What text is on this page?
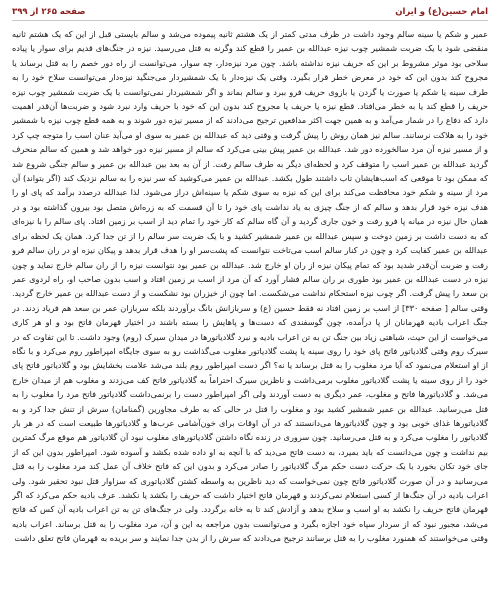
صفحه ۲۶۵ از ۳۹۹	امام حسین(ع) و ایران

عمیر و شکم یا سینه سالم وجود داشت در ظرف مدتی کمتر از یک هشتم ثانیه پیموده می‌شد و سالم بایستی قبل از این که یک هشتم ثانیه منقضی شود با یک ضربت شمشیر چوب نیزه عبدالله بن عمیر را قطع کند وگرنه به قتل می‌رسید. نیزه در جنگ‌های قدیم برای سوار یا پیاده سلاحی بود موثر مشروط بر این که حریف نیزه نداشته باشد. چون مرد نیزه‌دار، چه سوار، می‌توانست از راه دور خصم را به قتل برساند یا مجروح کند بدون این که خود در معرض خطر قرار بگیرد. وقتی یک نیزه‌دار با یک شمشیردار می‌جنگید نیزه‌دار می‌توانست سلاح خود را به طرف سینه یا شکم یا صورت یا گردن یا بازوی حریف فرو ببرد و سالم بماند و اگر شمشیردار نمی‌توانست با یک ضربت شمشیر چوب نیزه حریف را قطع کند یا به خطر می‌افتاد. قطع نیزه یا حریف یا مجروح کند بدون این که خود با حریف وارد نبرد شود و ضربت‌ها آن‌قدر اهمیت دارد که دفاع را در شمار می‌آمد و به همین جهت اکثر مدافعین ترجیح می‌دادند که از مسیر نیزه دور شوند و به همه قطع چوب نیزه با شمشیر خود را به هلاکت نرسانند. سالم نیز همان روش را پیش گرفت و وقتی دید که عبدالله بن عمیر به سوی او می‌آید عنان اسب را متوجه چپ کرد و از مسیر نیزه آن مرد سالخورده دور شد. عبدالله بن عمیر پیش بینی می‌کرد که سالم از مسیر نیزه دور خواهد شد و همین که سالم منحرف گردید عبدالله بن عمیر اسب را متوقف کرد و لحظه‌ای دیگر به طرف سالم رفت. از آن به بعد بین عبدالله بن عمیر و سالم جنگی شروع شد که ممکن بود تا موقعی که اسب‌هایشان تاب داشتند طول بکشد. عبدالله بن عمیر می‌کوشید که سر نیزه را به سالم نزدیک کند (اگر بتواند) آن مرد از سینه و شکم خود محافظت می‌کند برای این که نیزه به سوی شکم یا سینه‌اش دراز می‌شود. لذا عبدالله درصدد برآمد که پای او را هدف نیزه خود قرار بدهد و سالم که از جنگ چیزی به یاد نداشت پای خود را تا آن قسمت که به زره‌اش متصل بود بیرون گذاشته بود و در همان حال نیزه در میانه پا فرو رفت و خون جاری گردید و آن گاه سالم که کار خود را تمام دید از اسب بر زمین افتاد. پای سالم را با نیزه‌ای که به دست داشت بر زمین دوخت و سپس عبدالله بن عمیر شمشیر کشید و با یک ضربت سر سالم را از تن جدا کرد. همان یک لحظه برای عبدالله بن عمیر کفایت کرد و چون در کنار سالم اسب می‌تاخت نتوانست که پشت‌سر او را هدف قرار بدهد و پیکان نیزه او در ران سالم فرو رفت و ضربت آن‌قدر شدید بود که تمام پیکان نیزه از ران او خارج شد. عبدالله بن عمیر بود نتوانست نیزه را از ران سالم خارج نماید و چون نیزه در دست عبدالله بن عمیر بود طوری بر ران سالم فشار آورد که آن مرد از اسب بر زمین افتاد و اسب بدون صاحب او، راه لردوی عمر بن سعد را پیش گرفت. اگر چوب نیزه استحکام نداشت می‌شکست. اما چون از خیزران بود نشکست و از دست عبدالله بن عمیر خارج گردید. وقتی سالم [ صفحه ۳۳۰] از اسب بر زمین افتاد نه فقط حسین (ع) و سربازانش بانگ برآوردند بلکه سربازان عمر بن سعد هم فریاد زدند. در جنگ اعراب بادیه قهرمانان از پا درآمده، چون گوسفندی که دست‌ها و پاهایش را بسته باشند در اختیار قهرمان فاتح بود و او هر کاری می‌خواست از این حیث، شباهتی زیاد بین جنگ تن به تن اعراب بادیه و نبرد گلادیاتورها در میدان سیرک (روم) وجود داشت. تا این تفاوت که در سیرک روم وقتی گلادیاتور فاتح پای خود را روی سینه یا پشت گلادیاتور مغلوب می‌گذاشت رو به سوی جایگاه امپراطور روم می‌کرد و با نگاه از او استعلام می‌نمود که آیا مرد مغلوب را به قتل برساند یا نه؟ اگر دست امپراطور روم بلند می‌شد علامت بخشایش بود و گلادیاتور فاتح پای خود را از روی سینه یا پشت گلادیاتور مغلوب برمی‌داشت و ناظرین سیرک احتراماً به گلادیاتور فاتح کف می‌زدند و مغلوب هم از میدان خارج می‌شد. و گلادیاتورها فاتح و مغلوب، عمر دیگری به دست آوردند ولی اگر امپراطور دست را برنمی‌داشت گلادیاتور فاتح مرد را مغلوب را به قتل می‌رسانید. عبدالله بن عمیر شمشیر کشید بود و مغلوب را قتل در حالی که به طرف مجاورین (گمنامان) سرش از تنش جدا کرد و به گلادیاتورها غذای خوبی بود و چون گلادیاتورها می‌دانستند که در آن اوقات برای خون‌آشامی عرب‌ها و گلادیاتورها طبیعت است که در هر بار گلادیاتور را مغلوب می‌کرد و به قتل می‌رسانید. چون سروری در زنده نگاه داشتن گلادیاتورهای مغلوب نبود آن گلادیاتور هم موقع مرگ کمترین بیم نداشت و چون می‌دانست که باید بمیرد، به دست فاتح می‌دید که با آنچه به او داده شده بکشد و آسوده شود. امپراطور بدون این که از جای خود تکان بخورد با یک حرکت دست حکم مرگ گلادیاتور را صادر می‌کرد و بدون این که فاتح خلاف آن عمل کند مرد مغلوب را به قتل می‌رسانید و در آن صورت گلادیاتور فاتح چون نمی‌خواست که دید ناظرین به واسطه کشتن گلادیاتوری که سزاوار قتل نبود تحقیر شود. ولی اعراب بادیه در آن جنگ‌ها از کسی استعلام نمی‌کردند و قهرمان فاتح اختیار داشت که حریف را بکشد یا نکشد. عرف بادیه حکم می‌کرد که اگر قهرمان فاتح حریف را نکشد به او اسب و سلاح بدهد و آزادش کند تا به خانه برگردد. ولی در جنگ‌های تن به تن اعراب بادیه آن کس که فاتح می‌شد، مجبور نبود که از سردار سپاه خود اجازه بگیرد و می‌توانست بدون مراجعه به این و آن، مرد مغلوب را به قتل برساند. اعراب بادیه وقتی می‌خواستند که همنورد مغلوب را به قتل برسانند ترجیح می‌دادند که سرش را از بدن جدا نمایند و سر بریده به قهرمان فاتح تعلق داشت
